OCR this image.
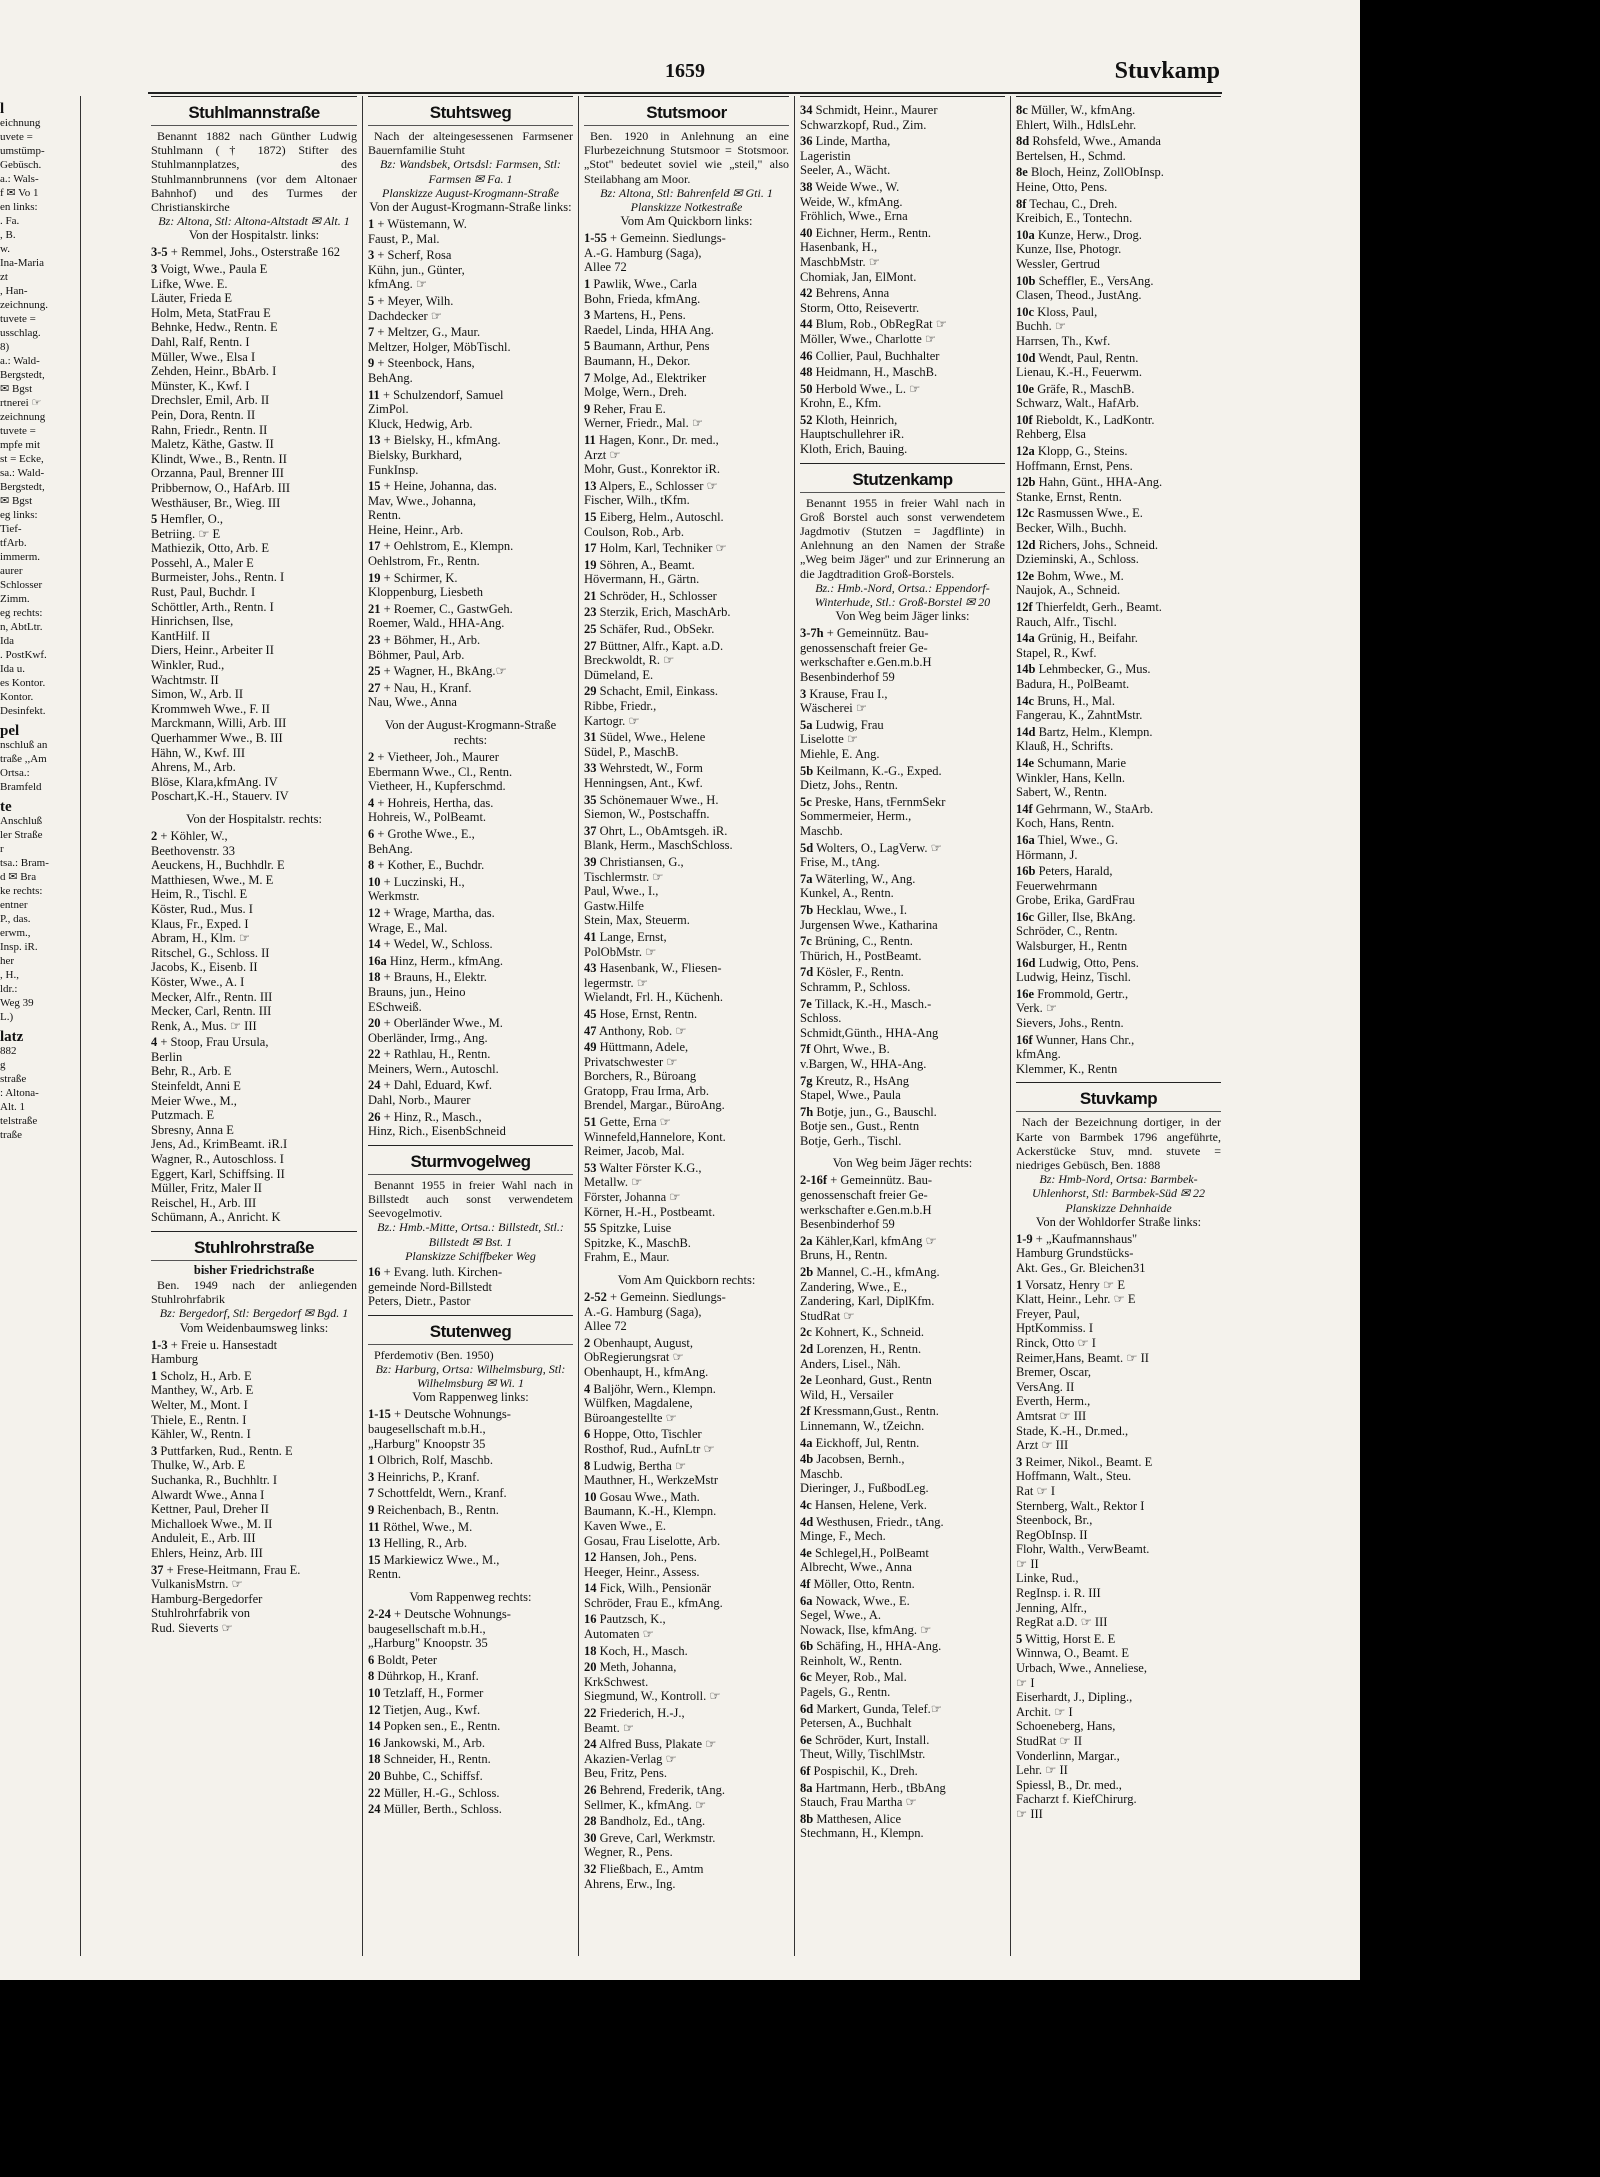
1659	Stuvkamp
l
eichnung
uvete =
umstümp-
Gebüsch.
a.: Wals-
f ✉ Vo 1
en links:
. Fa.
, B.
w.
Ina-Maria
zt
, Han-
zeichnung.
tuvete =
usschlag.
8)
a.: Wald-
Bergstedt,
✉ Bgst
rtnerei ☞
zeichnung
tuvete =
mpfe mit
st = Ecke,
sa.: Wald-
Bergstedt,
✉ Bgst
eg links:
Tief-
tfArb.
immerm.
aurer
Schlosser
Zimm.
eg rechts:
n, AbtLtr.
Ida
. PostKwf.
Ida u.
es Kontor.
Kontor.
Desinfekt.
pel
nschluß an
traße ,,Am
Ortsa.:
Bramfeld
te
Anschluß
ler Straße
r
tsa.: Bram-
d ✉ Bra
ke rechts:
entner
P., das.
erwm.,
Insp. iR.
her
, H.,
ldr.:
Weg 39
L.)
latz
882
g
straße
: Altona-
Alt. 1
telstraße
traße
Stuhlmannstraße
Benannt 1882 nach Günther Ludwig Stuhlmann († 1872) Stifter des Stuhlmannplatzes, des Stuhlmannbrunnens (vor dem Altonaer Bahnhof) und des Turmes der Christianskirche
Bz: Altona, Stl: Altona-Altstadt ✉ Alt. 1
Von der Hospitalstr. links:
3-5 + Remmel, Johs., Osterstraße 162
3 Voigt, Wwe., Paula E
Lifke, Wwe. E.
Läuter, Frieda E
Holm, Meta, StatFrau E
Behnke, Hedw., Rentn. E
Dahl, Ralf, Rentn. I
Müller, Wwe., Elsa I
Zehden, Heinr., BbArb. I
Münster, K., Kwf. I
Drechsler, Emil, Arb. II
Pein, Dora, Rentn. II
Rahn, Friedr., Rentn. II
Maletz, Käthe, Gastw. II
Klindt, Wwe., B., Rentn. II
Orzanna, Paul, Brenner III
Pribbernow, O., HafArb. III
Westhäuser, Br., Wieg. III
5 Hemfler, O.,
Betriing. ☞ E
Mathiezik, Otto, Arb. E
Possehl, A., Maler E
Burmeister, Johs., Rentn. I
Rust, Paul, Buchdr. I
Schöttler, Arth., Rentn. I
Hinrichsen, Ilse,
KantHilf. II
Diers, Heinr., Arbeiter II
Winkler, Rud.,
Wachtmstr. II
Simon, W., Arb. II
Krommweh Wwe., F. II
Marckmann, Willi, Arb. III
Querhammer Wwe., B. III
Hähn, W., Kwf. III
Ahrens, M., Arb.
Blöse, Klara,kfmAng. IV
Poschart,K.-H., Stauerv. IV
Von der Hospitalstr. rechts:
2 + Köhler, W.,
Beethovenstr. 33
Aeuckens, H., Buchhdlr. E
Matthiesen, Wwe., M. E
Heim, R., Tischl. E
Köster, Rud., Mus. I
Klaus, Fr., Exped. I
Abram, H., Klm. ☞
Ritschel, G., Schloss. II
Jacobs, K., Eisenb. II
Köster, Wwe., A. I
Mecker, Alfr., Rentn. III
Mecker, Carl, Rentn. III
Renk, A., Mus. ☞ III
4 + Stoop, Frau Ursula,
Berlin
Behr, R., Arb. E
Steinfeldt, Anni E
Meier Wwe., M.,
Putzmach. E
Sbresny, Anna E
Jens, Ad., KrimBeamt. iR.I
Wagner, R., Autoschloss. I
Eggert, Karl, Schiffsing. II
Müller, Fritz, Maler II
Reischel, H., Arb. III
Schümann, A., Anricht. K
Stuhlrohrstraße
bisher Friedrichstraße
Ben. 1949 nach der anliegenden Stuhlrohrfabrik
Bz: Bergedorf, Stl: Bergedorf ✉ Bgd. 1
Vom Weidenbaumsweg links:
1-3 + Freie u. Hansestadt
Hamburg
1 Scholz, H., Arb. E
Manthey, W., Arb. E
Welter, M., Mont. I
Thiele, E., Rentn. I
Kähler, W., Rentn. I
3 Puttfarken, Rud., Rentn. E
Thulke, W., Arb. E
Suchanka, R., Buchhltr. I
Alwardt Wwe., Anna I
Kettner, Paul, Dreher II
Michalloek Wwe., M. II
Anduleit, E., Arb. III
Ehlers, Heinz, Arb. III
37 + Frese-Heitmann, Frau E.
VulkanisMstrn. ☞
Hamburg-Bergedorfer
Stuhlrohrfabrik von
Rud. Sieverts ☞
Stuhtsweg
Nach der alteingesessenen Farmsener Bauernfamilie Stuht
Bz: Wandsbek, Ortsdsl: Farmsen, Stl: Farmsen ✉ Fa. 1
Planskizze August-Krogmann-Straße
Von der August-Krogmann-Straße links:
1 + Wüstemann, W.
Faust, P., Mal.
3 + Scherf, Rosa
Kühn, jun., Günter,
kfmAng. ☞
5 + Meyer, Wilh.
Dachdecker ☞
7 + Meltzer, G., Maur.
Meltzer, Holger, MöbTischl.
9 + Steenbock, Hans,
BehAng.
11 + Schulzendorf, Samuel
ZimPol.
Kluck, Hedwig, Arb.
13 + Bielsky, H., kfmAng.
Bielsky, Burkhard,
FunkInsp.
15 + Heine, Johanna, das.
Mav, Wwe., Johanna,
Rentn.
Heine, Heinr., Arb.
17 + Oehlstrom, E., Klempn.
Oehlstrom, Fr., Rentn.
19 + Schirmer, K.
Kloppenburg, Liesbeth
21 + Roemer, C., GastwGeh.
Roemer, Wald., HHA-Ang.
23 + Böhmer, H., Arb.
Böhmer, Paul, Arb.
25 + Wagner, H., BkAng.☞
27 + Nau, H., Kranf.
Nau, Wwe., Anna
Von der August-Krogmann-Straße rechts:
2 + Vietheer, Joh., Maurer
Ebermann Wwe., Cl., Rentn.
Vietheer, H., Kupferschmd.
4 + Hohreis, Hertha, das.
Hohreis, W., PolBeamt.
6 + Grothe Wwe., E.,
BehAng.
8 + Kother, E., Buchdr.
10 + Luczinski, H.,
Werkmstr.
12 + Wrage, Martha, das.
Wrage, E., Mal.
14 + Wedel, W., Schloss.
16a Hinz, Herm., kfmAng.
18 + Brauns, H., Elektr.
Brauns, jun., Heino
ESchweiß.
20 + Oberländer Wwe., M.
Oberländer, Irmg., Ang.
22 + Rathlau, H., Rentn.
Meiners, Wern., Autoschl.
24 + Dahl, Eduard, Kwf.
Dahl, Norb., Maurer
26 + Hinz, R., Masch.,
Hinz, Rich., EisenbSchneid
Sturmvogelweg
Benannt 1955 in freier Wahl nach in Billstedt auch sonst verwendetem Seevogelmotiv.
Bz.: Hmb.-Mitte, Ortsa.: Billstedt, Stl.: Billstedt ✉ Bst. 1
Planskizze Schiffbeker Weg
16 + Evang. luth. Kirchen-
gemeinde Nord-Billstedt
Peters, Dietr., Pastor
Stutenweg
Pferdemotiv (Ben. 1950)
Bz: Harburg, Ortsa: Wilhelmsburg, Stl: Wilhelmsburg ✉ Wi. 1
Vom Rappenweg links:
1-15 + Deutsche Wohnungs-
baugesellschaft m.b.H.,
„Harburg" Knoopstr 35
1 Olbrich, Rolf, Maschb.
3 Heinrichs, P., Kranf.
7 Schottfeldt, Wern., Kranf.
9 Reichenbach, B., Rentn.
11 Röthel, Wwe., M.
13 Helling, R., Arb.
15 Markiewicz Wwe., M.,
Rentn.
Vom Rappenweg rechts:
2-24 + Deutsche Wohnungs-
baugesellschaft m.b.H.,
„Harburg" Knoopstr. 35
6 Boldt, Peter
8 Dührkop, H., Kranf.
10 Tetzlaff, H., Former
12 Tietjen, Aug., Kwf.
14 Popken sen., E., Rentn.
16 Jankowski, M., Arb.
18 Schneider, H., Rentn.
20 Buhbe, C., Schiffsf.
22 Müller, H.-G., Schloss.
24 Müller, Berth., Schloss.
Stutsmoor
Ben. 1920 in Anlehnung an eine Flurbezeichnung Stutsmoor = Stotsmoor. „Stot" bedeutet soviel wie „steil," also Steilabhang am Moor.
Bz: Altona, Stl: Bahrenfeld ✉ Gti. 1
Planskizze Notkestraße
Vom Am Quickborn links:
1-55 + Gemeinn. Siedlungs-
A.-G. Hamburg (Saga),
Allee 72
1 Pawlik, Wwe., Carla
Bohn, Frieda, kfmAng.
3 Martens, H., Pens.
Raedel, Linda, HHA Ang.
5 Baumann, Arthur, Pens
Baumann, H., Dekor.
7 Molge, Ad., Elektriker
Molge, Wern., Dreh.
9 Reher, Frau E.
Werner, Friedr., Mal. ☞
11 Hagen, Konr., Dr. med.,
Arzt ☞
Mohr, Gust., Konrektor iR.
13 Alpers, E., Schlosser ☞
Fischer, Wilh., tKfm.
15 Eiberg, Helm., Autoschl.
Coulson, Rob., Arb.
17 Holm, Karl, Techniker ☞
19 Söhren, A., Beamt.
Hövermann, H., Gärtn.
21 Schröder, H., Schlosser
23 Sterzik, Erich, MaschArb.
25 Schäfer, Rud., ObSekr.
27 Büttner, Alfr., Kapt. a.D.
Breckwoldt, R. ☞
Dümeland, E.
29 Schacht, Emil, Einkass.
Ribbe, Friedr.,
Kartogr. ☞
31 Südel, Wwe., Helene
Südel, P., MaschB.
33 Wehrstedt, W., Form
Henningsen, Ant., Kwf.
35 Schönemauer Wwe., H.
Siemon, W., Postschaffn.
37 Ohrt, L., ObAmtsgeh. iR.
Blank, Herm., MaschSchloss.
39 Christiansen, G.,
Tischlermstr. ☞
Paul, Wwe., I.,
Gastw.Hilfe
Stein, Max, Steuerm.
41 Lange, Ernst,
PolObMstr. ☞
43 Hasenbank, W., Fliesen-
legermstr. ☞
Wielandt, Frl. H., Küchenh.
45 Hose, Ernst, Rentn.
47 Anthony, Rob. ☞
49 Hüttmann, Adele,
Privatschwester ☞
Borchers, R., Büroang
Gratopp, Frau Irma, Arb.
Brendel, Margar., BüroAng.
51 Gette, Erna ☞
Winnefeld,Hannelore, Kont.
Reimer, Jacob, Mal.
53 Walter Förster K.G.,
Metallw. ☞
Förster, Johanna ☞
Körner, H.-H., Postbeamt.
55 Spitzke, Luise
Spitzke, K., MaschB.
Frahm, E., Maur.
Vom Am Quickborn rechts:
2-52 + Gemeinn. Siedlungs-
A.-G. Hamburg (Saga),
Allee 72
2 Obenhaupt, August,
ObRegierungsrat ☞
Obenhaupt, H., kfmAng.
4 Baljöhr, Wern., Klempn.
Wülfken, Magdalene,
Büroangestellte ☞
6 Hoppe, Otto, Tischler
Rosthof, Rud., AufnLtr ☞
8 Ludwig, Bertha ☞
Mauthner, H., WerkzeMstr
10 Gosau Wwe., Math.
Baumann, K.-H., Klempn.
Kaven Wwe., E.
Gosau, Frau Liselotte, Arb.
12 Hansen, Joh., Pens.
Heeger, Heinr., Assess.
14 Fick, Wilh., Pensionär
Schröder, Frau E., kfmAng.
16 Pautzsch, K.,
Automaten ☞
18 Koch, H., Masch.
20 Meth, Johanna,
KrkSchwest.
Siegmund, W., Kontroll. ☞
22 Friederich, H.-J.,
Beamt. ☞
24 Alfred Buss, Plakate ☞
Akazien-Verlag ☞
Beu, Fritz, Pens.
26 Behrend, Frederik, tAng.
Sellmer, K., kfmAng. ☞
28 Bandholz, Ed., tAng.
30 Greve, Carl, Werkmstr.
Wegner, R., Pens.
32 Fließbach, E., Amtm
Ahrens, Erw., Ing.
34 Schmidt, Heinr., Maurer
Schwarzkopf, Rud., Zim.
36 Linde, Martha,
Lageristin
Seeler, A., Wächt.
38 Weide Wwe., W.
Weide, W., kfmAng.
Fröhlich, Wwe., Erna
40 Eichner, Herm., Rentn.
Hasenbank, H.,
MaschbMstr. ☞
Chomiak, Jan, ElMont.
42 Behrens, Anna
Storm, Otto, Reisevertr.
44 Blum, Rob., ObRegRat ☞
Möller, Wwe., Charlotte ☞
46 Collier, Paul, Buchhalter
48 Heidmann, H., MaschB.
50 Herbold Wwe., L. ☞
Krohn, E., Kfm.
52 Kloth, Heinrich,
Hauptschullehrer iR.
Kloth, Erich, Bauing.
Stutzenkamp
Benannt 1955 in freier Wahl nach in Groß Borstel auch sonst verwendetem Jagdmotiv (Stutzen = Jagdflinte) in Anlehnung an den Namen der Straße „Weg beim Jäger" und zur Erinnerung an die Jagdtradition Groß-Borstels.
Bz.: Hmb.-Nord, Ortsa.: Eppendorf-Winterhude, Stl.: Groß-Borstel ✉ 20
Von Weg beim Jäger links:
3-7h + Gemeinnütz. Bau-
genossenschaft freier Ge-
werkschafter e.Gen.m.b.H
Besenbinderhof 59
3 Krause, Frau I.,
Wäscherei ☞
5a Ludwig, Frau
Liselotte ☞
Miehle, E. Ang.
5b Keilmann, K.-G., Exped.
Dietz, Johs., Rentn.
5c Preske, Hans, tFernmSekr
Sommermeier, Herm.,
Maschb.
5d Wolters, O., LagVerw. ☞
Frise, M., tAng.
7a Wäterling, W., Ang.
Kunkel, A., Rentn.
7b Hecklau, Wwe., I.
Jurgensen Wwe., Katharina
7c Brüning, C., Rentn.
Thürich, H., PostBeamt.
7d Kösler, F., Rentn.
Schramm, P., Schloss.
7e Tillack, K.-H., Masch.-
Schloss.
Schmidt,Günth., HHA-Ang
7f Ohrt, Wwe., B.
v.Bargen, W., HHA-Ang.
7g Kreutz, R., HsAng
Stapel, Wwe., Paula
7h Botje, jun., G., Bauschl.
Botje sen., Gust., Rentn
Botje, Gerh., Tischl.
Von Weg beim Jäger rechts:
2-16f + Gemeinnütz. Bau-
genossenschaft freier Ge-
werkschafter e.Gen.m.b.H
Besenbinderhof 59
2a Kähler,Karl, kfmAng ☞
Bruns, H., Rentn.
2b Mannel, C.-H., kfmAng.
Zandering, Wwe., E.,
Zandering, Karl, DiplKfm.
StudRat ☞
2c Kohnert, K., Schneid.
2d Lorenzen, H., Rentn.
Anders, Lisel., Näh.
2e Leonhard, Gust., Rentn
Wild, H., Versailer
2f Kressmann,Gust., Rentn.
Linnemann, W., tZeichn.
4a Eickhoff, Jul, Rentn.
4b Jacobsen, Bernh.,
Maschb.
Dieringer, J., FußbodLeg.
4c Hansen, Helene, Verk.
4d Westhusen, Friedr., tAng.
Minge, F., Mech.
4e Schlegel,H., PolBeamt
Albrecht, Wwe., Anna
4f Möller, Otto, Rentn.
6a Nowack, Wwe., E.
Segel, Wwe., A.
Nowack, Ilse, kfmAng. ☞
6b Schäfing, H., HHA-Ang.
Reinholt, W., Rentn.
6c Meyer, Rob., Mal.
Pagels, G., Rentn.
6d Markert, Gunda, Telef.☞
Petersen, A., Buchhalt
6e Schröder, Kurt, Install.
Theut, Willy, TischlMstr.
6f Pospischil, K., Dreh.
8a Hartmann, Herb., tBbAng
Stauch, Frau Martha ☞
8b Matthesen, Alice
Stechmann, H., Klempn.
8c Müller, W., kfmAng.
Ehlert, Wilh., HdlsLehr.
8d Rohsfeld, Wwe., Amanda
Bertelsen, H., Schmd.
8e Bloch, Heinz, ZollObInsp.
Heine, Otto, Pens.
8f Techau, C., Dreh.
Kreibich, E., Tontechn.
10a Kunze, Herw., Drog.
Kunze, Ilse, Photogr.
Wessler, Gertrud
10b Scheffler, E., VersAng.
Clasen, Theod., JustAng.
10c Kloss, Paul,
Buchh. ☞
Harrsen, Th., Kwf.
10d Wendt, Paul, Rentn.
Lienau, K.-H., Feuerwm.
10e Gräfe, R., MaschB.
Schwarz, Walt., HafArb.
10f Rieboldt, K., LadKontr.
Rehberg, Elsa
12a Klopp, G., Steins.
Hoffmann, Ernst, Pens.
12b Hahn, Günt., HHA-Ang.
Stanke, Ernst, Rentn.
12c Rasmussen Wwe., E.
Becker, Wilh., Buchh.
12d Richers, Johs., Schneid.
Dzieminski, A., Schloss.
12e Bohm, Wwe., M.
Naujok, A., Schneid.
12f Thierfeldt, Gerh., Beamt.
Rauch, Alfr., Tischl.
14a Grünig, H., Beifahr.
Stapel, R., Kwf.
14b Lehmbecker, G., Mus.
Badura, H., PolBeamt.
14c Bruns, H., Mal.
Fangerau, K., ZahntMstr.
14d Bartz, Helm., Klempn.
Klauß, H., Schrifts.
14e Schumann, Marie
Winkler, Hans, Kelln.
Sabert, W., Rentn.
14f Gehrmann, W., StaArb.
Koch, Hans, Rentn.
16a Thiel, Wwe., G.
Hörmann, J.
16b Peters, Harald,
Feuerwehrmann
Grobe, Erika, GardFrau
16c Giller, Ilse, BkAng.
Schröder, C., Rentn.
Walsburger, H., Rentn
16d Ludwig, Otto, Pens.
Ludwig, Heinz, Tischl.
16e Frommold, Gertr.,
Verk. ☞
Sievers, Johs., Rentn.
16f Wunner, Hans Chr.,
kfmAng.
Klemmer, K., Rentn
Stuvkamp
Nach der Bezeichnung dortiger, in der Karte von Barmbek 1796 angeführte, Ackerstücke Stuv, mnd. stuvete = niedriges Gebüsch, Ben. 1888
Bz: Hmb-Nord, Ortsa: Barmbek-Uhlenhorst, Stl: Barmbek-Süd ✉ 22
Planskizze Dehnhaide
Von der Wohldorfer Straße links:
1-9 + „Kaufmannshaus"
Hamburg Grundstücks-
Akt. Ges., Gr. Bleichen31
1 Vorsatz, Henry ☞ E
Klatt, Heinr., Lehr. ☞ E
Freyer, Paul,
HptKommiss. I
Rinck, Otto ☞ I
Reimer,Hans, Beamt. ☞ II
Bremer, Oscar,
VersAng. II
Everth, Herm.,
Amtsrat ☞ III
Stade, K.-H., Dr.med.,
Arzt ☞ III
3 Reimer, Nikol., Beamt. E
Hoffmann, Walt., Steu.
Rat ☞ I
Sternberg, Walt., Rektor I
Steenbock, Br.,
RegObInsp. II
Flohr, Walth., VerwBeamt.
☞ II
Linke, Rud.,
RegInsp. i. R. III
Jenning, Alfr.,
RegRat a.D. ☞ III
5 Wittig, Horst E. E
Winnwa, O., Beamt. E
Urbach, Wwe., Anneliese,
☞ I
Eiserhardt, J., Dipling.,
Archit. ☞ I
Schoeneberg, Hans,
StudRat ☞ II
Vonderlinn, Margar.,
Lehr. ☞ II
Spiessl, B., Dr. med.,
Facharzt f. KiefChirurg.
☞ III
